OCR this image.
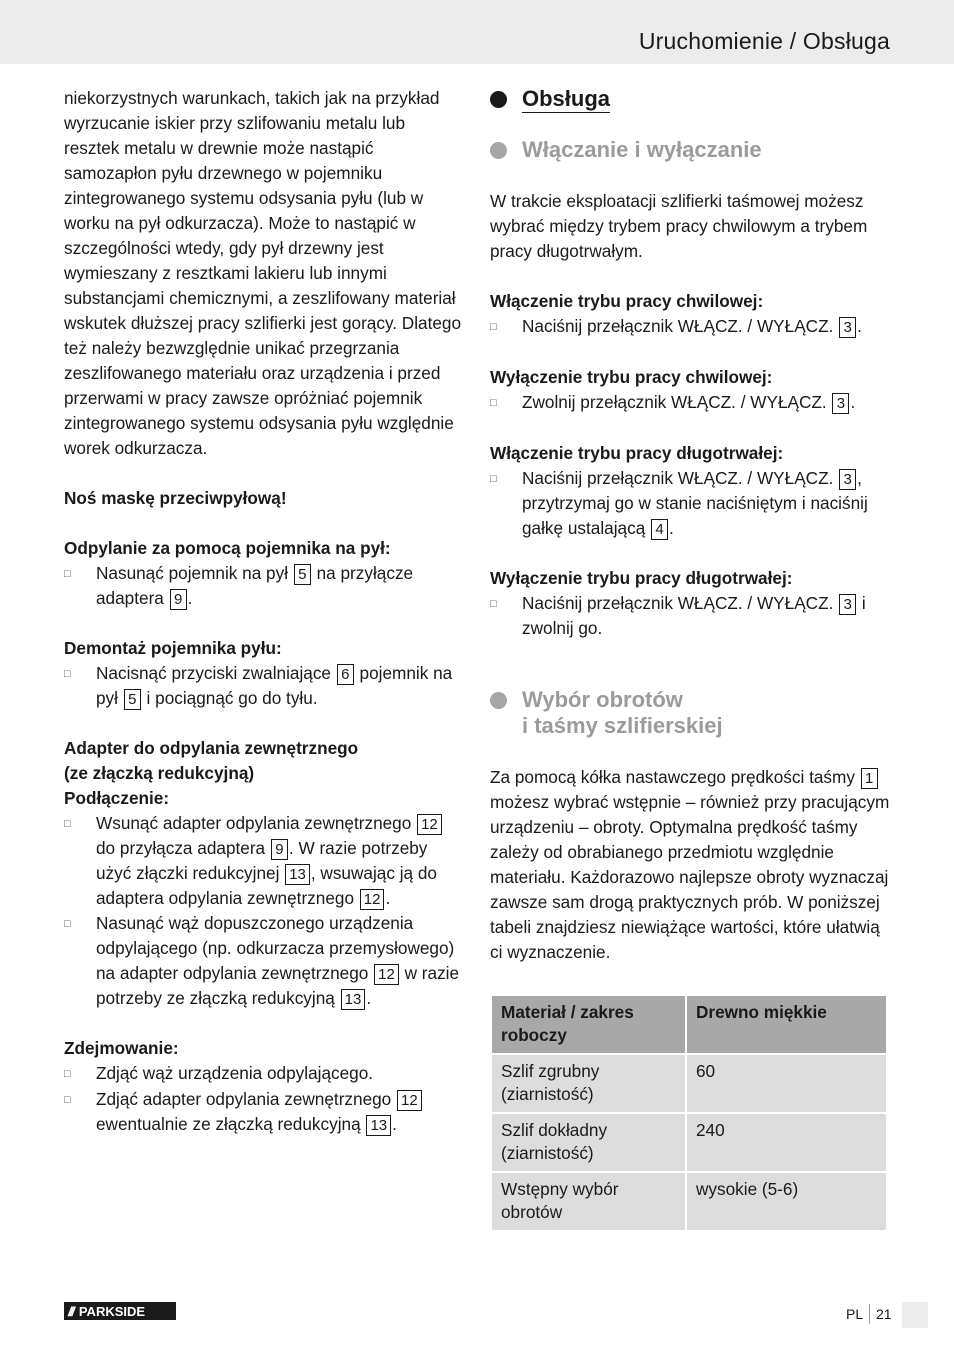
Uruchomienie / Obsługa

niekorzystnych warunkach, takich jak na przykład wyrzucanie iskier przy szlifowaniu metalu lub resztek metalu w drewnie może nastąpić samozapłon pyłu drzewnego w pojemniku zintegrowanego systemu odsysania pyłu (lub w worku na pył odkurzacza). Może to nastąpić w szczególności wtedy, gdy pył drzewny jest wymieszany z resztkami lakieru lub innymi substancjami chemicznymi, a zeszlifowany materiał wskutek dłuższej pracy szlifierki jest gorący. Dlatego też należy bezwzględnie unikać przegrzania zeszlifowanego materiału oraz urządzenia i przed przerwami w pracy zawsze opróżniać pojemnik zintegrowanego systemu odsysania pyłu względnie worek odkurzacza.

Noś maskę przeciwpyłową!

Odpylanie za pomocą pojemnika na pył:

□	Nasunąć pojemnik na pył 5 na przyłącze adaptera 9 .

Demontaż pojemnika pyłu:

□	Nacisnąć przyciski zwalniające 6 pojemnik na pył 5 i pociągnąć go do tyłu.

Adapter do odpylania zewnętrznego

(ze złączką redukcyjną)

Podłączenie:

□	Wsunąć adapter odpylania zewnętrznego 12 do przyłącza adaptera 9 . W razie potrzeby użyć złączki redukcyjnej 13 , wsuwając ją do adaptera odpylania zewnętrznego 12 .
□	Nasunąć wąż dopuszczonego urządzenia odpylającego (np. odkurzacza przemysłowego) na adapter odpylania zewnętrznego 12 w razie potrzeby ze złączką redukcyjną 13 .

Zdejmowanie:

□	Zdjąć wąż urządzenia odpylającego.
□	Zdjąć adapter odpylania zewnętrznego 12 ewentualnie ze złączką redukcyjną 13 .
Obsługa
Włączanie i wyłączanie

W trakcie eksploatacji szlifierki taśmowej możesz wybrać między trybem pracy chwilowym a trybem pracy długotrwałym.

Włączenie trybu pracy chwilowej:

□	Naciśnij przełącznik WŁĄCZ. / WYŁĄCZ. 3 .

Wyłączenie trybu pracy chwilowej:

□	Zwolnij przełącznik WŁĄCZ. / WYŁĄCZ. 3 .

Włączenie trybu pracy długotrwałej:

□	Naciśnij przełącznik WŁĄCZ. / WYŁĄCZ. 3 , przytrzymaj go w stanie naciśniętym i naciśnij gałkę ustalającą 4 .

Wyłączenie trybu pracy długotrwałej:

□	Naciśnij przełącznik WŁĄCZ. / WYŁĄCZ. 3 i zwolnij go.
Wybór obrotów
i taśmy szlifierskiej

Za pomocą kółka nastawczego prędkości taśmy 1 możesz wybrać wstępnie – również przy pracującym urządzeniu – obroty. Optymalna prędkość taśmy zależy od obrabianego przedmiotu względnie materiału. Każdorazowo najlepsze obroty wyznaczaj zawsze sam drogą praktycznych prób. W poniższej tabeli znajdziesz niewiążące wartości, które ułatwią ci wyznaczenie.

Materiał / zakres roboczy	Drewno miękkie
Szlif zgrubny (ziarnistość)	60
Szlif dokładny (ziarnistość)	240
Wstępny wybór obrotów	wysokie (5-6)
/// PARKSIDE	PL 21
